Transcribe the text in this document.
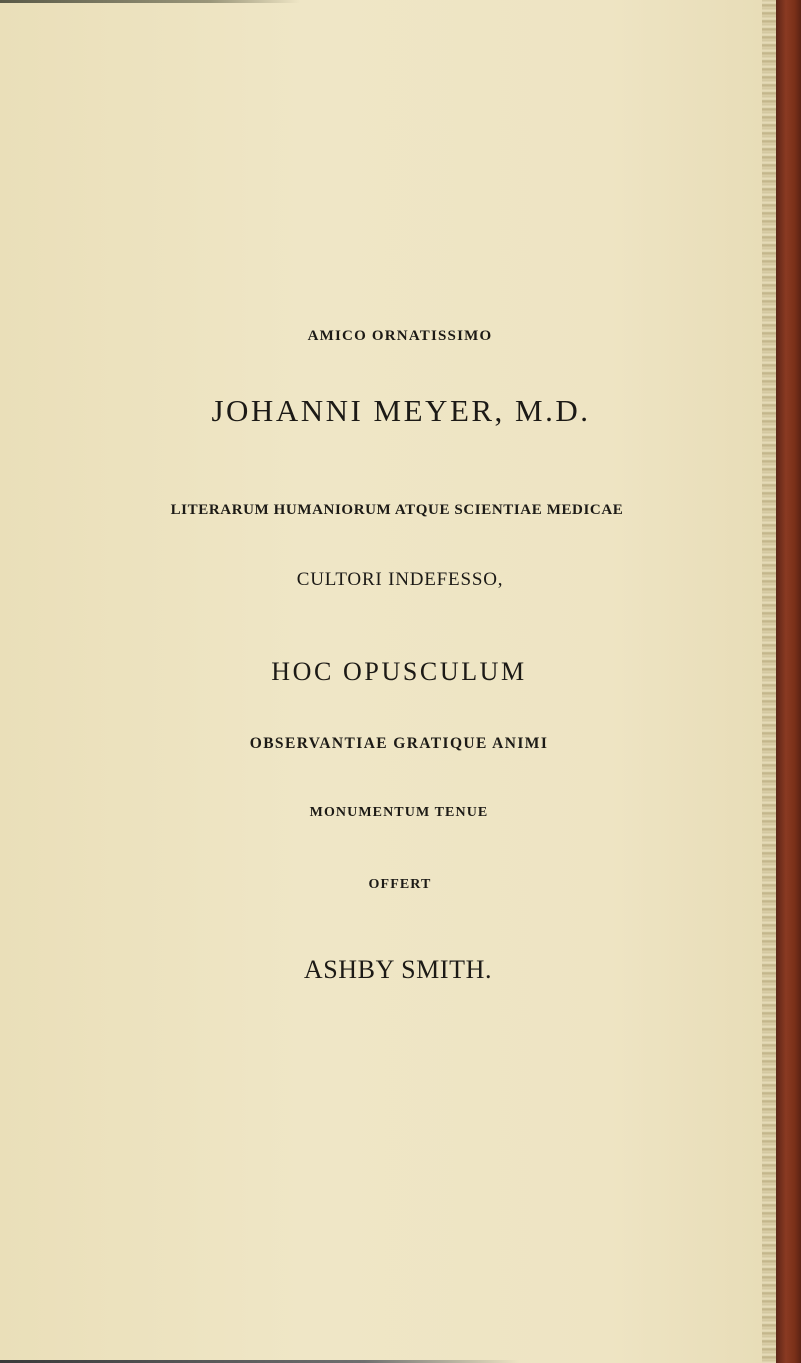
AMICO ORNATISSIMO
JOHANNI MEYER, M.D.
LITERARUM HUMANIORUM ATQUE SCIENTIAE MEDICAE
CULTORI INDEFESSO,
HOC OPUSCULUM
OBSERVANTIAE GRATIQUE ANIMI
MONUMENTUM TENUE
OFFERT
ASHBY SMITH.
